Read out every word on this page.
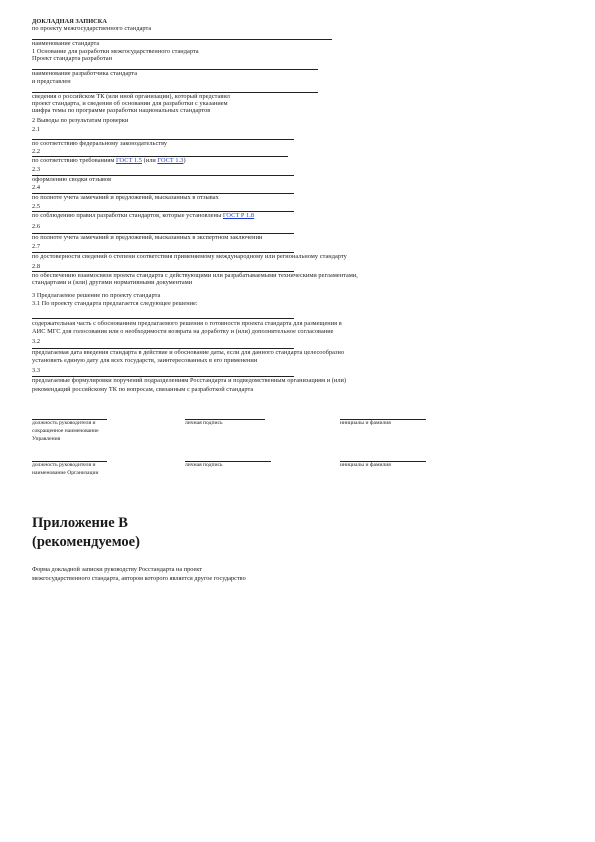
ДОКЛАДНАЯ ЗАПИСКА
по проекту межгосударственного стандарта
наименование стандарта
1 Основание для разработки межгосударственного стандарта
Проект стандарта разработан
наименование разработчика стандарта
и представлен
сведения о российском ТК (или иной организации), который представил
проект стандарта, и сведения об основании для разработки с указанием
шифра темы по программе разработки национальных стандартов
2 Выводы по результатам проверки
2.1
по соответствию федеральному законодательству
2.2
по соответствию требованиям ГОСТ 1.5 (или ГОСТ 1.3)
2.3
оформлению сводки отзывов
2.4
по полноте учета замечаний и предложений, высказанных в отзывах
2.5
по соблюдению правил разработки стандартов, которые установлены ГОСТ Р 1.8
2.6
по полноте учета замечаний и предложений, высказанных в экспертном заключении
2.7
по достоверности сведений о степени соответствия применяемому международному или региональному стандарту
2.8
по обеспечению взаимосвязи проекта стандарта с действующими или разрабатываемыми техническими регламентами,
стандартами и (или) другими нормативными документами
3 Предлагаемое решение по проекту стандарта
3.1 По проекту стандарта предлагается следующее решение:
содержательная часть с обоснованием предлагаемого решения о готовности проекта стандарта для размещения в
АИС МГС для голосования или о необходимости возврата на доработку и (или) дополнительное согласование
3.2
предлагаемая дата введения стандарта в действие и обоснование даты, если для данного стандарта целесообразно
установить единую дату для всех государств, заинтересованных в его применении
3.3
предлагаемые формулировки поручений подразделениям Росстандарта и подведомственным организациям и (или)
рекомендаций российскому ТК по вопросам, связанным с разработкой стандарта
должность руководителя и
сокращенное наименование
Управления
личная подпись	инициалы и фамилия
должность руководителя и
наименование Организации
личная подпись	инициалы и фамилия
Приложение В
(рекомендуемое)
Форма докладной записки руководству Росстандарта на проект
межгосударственного стандарта, автором которого является другое государство
